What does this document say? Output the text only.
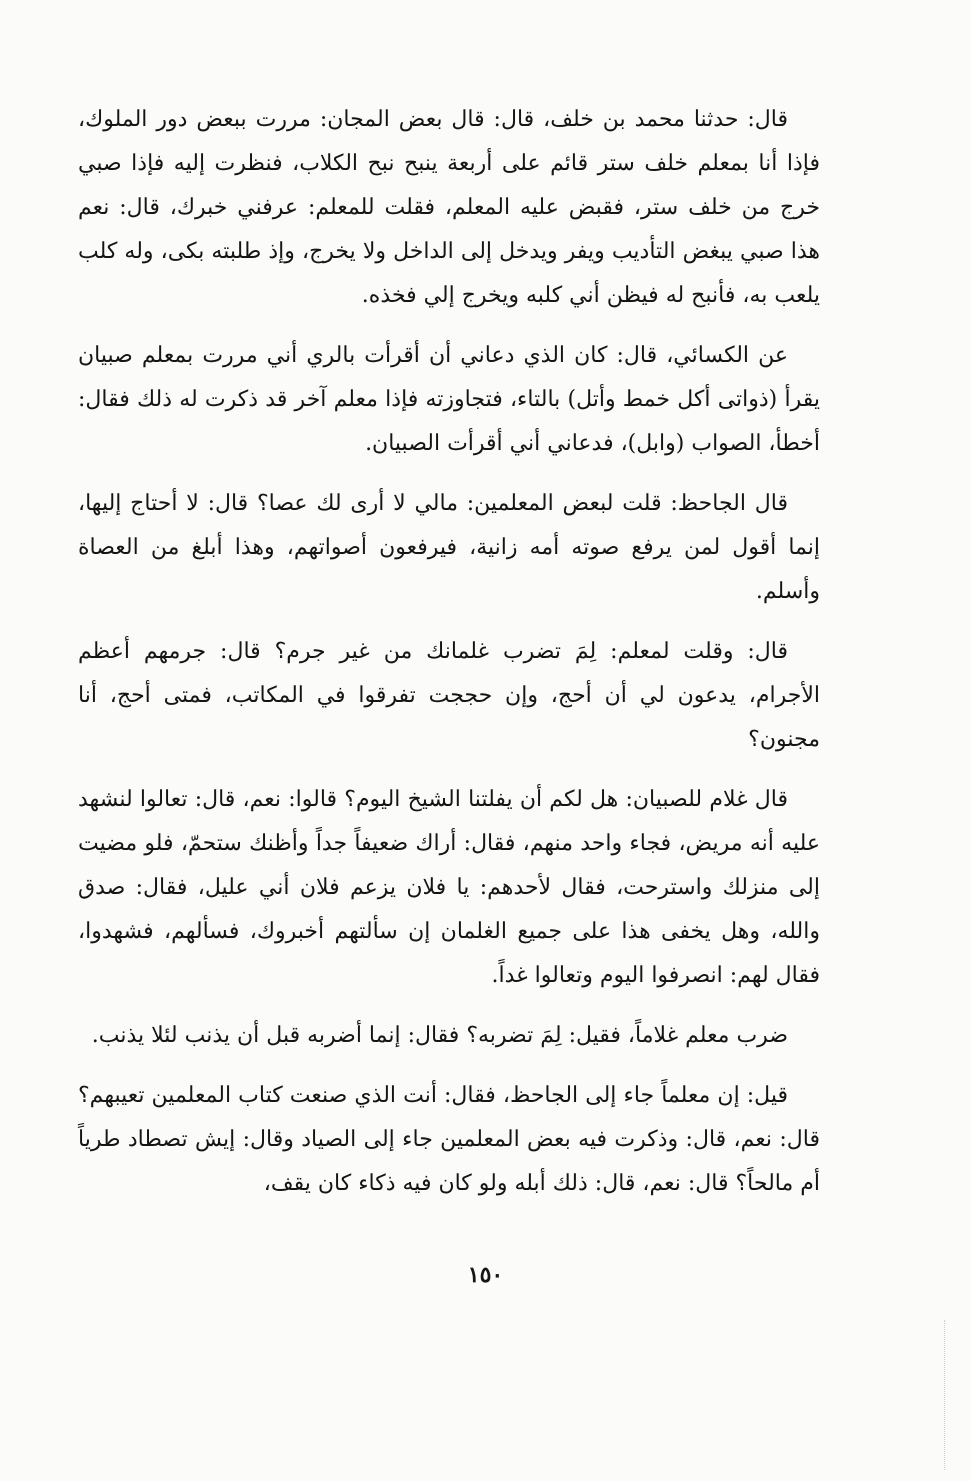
قال: حدثنا محمد بن خلف، قال: قال بعض المجان: مررت ببعض دور الملوك، فإذا أنا بمعلم خلف ستر قائم على أربعة ينبح نبح الكلاب، فنظرت إليه فإذا صبي خرج من خلف ستر، فقبض عليه المعلم، فقلت للمعلم: عرفني خبرك، قال: نعم هذا صبي يبغض التأديب ويفر ويدخل إلى الداخل ولا يخرج، وإذ طلبته بكى، وله كلب يلعب به، فأنبح له فيظن أني كلبه ويخرج إلي فخذه.

عن الكسائي، قال: كان الذي دعاني أن أقرأت بالري أني مررت بمعلم صبيان يقرأ (ذواتى أكل خمط وأتل) بالتاء، فتجاوزته فإذا معلم آخر قد ذكرت له ذلك فقال: أخطأ، الصواب (وابل)، فدعاني أني أقرأت الصبيان.

قال الجاحظ: قلت لبعض المعلمين: مالي لا أرى لك عصا؟ قال: لا أحتاج إليها، إنما أقول لمن يرفع صوته أمه زانية، فيرفعون أصواتهم، وهذا أبلغ من العصاة وأسلم.

قال: وقلت لمعلم: لِمَ تضرب غلمانك من غير جرم؟ قال: جرمهم أعظم الأجرام، يدعون لي أن أحج، وإن حججت تفرقوا في المكاتب، فمتى أحج، أنا مجنون؟

قال غلام للصبيان: هل لكم أن يفلتنا الشيخ اليوم؟ قالوا: نعم، قال: تعالوا لنشهد عليه أنه مريض، فجاء واحد منهم، فقال: أراك ضعيفاً جداً وأظنك ستحمّ، فلو مضيت إلى منزلك واسترحت، فقال لأحدهم: يا فلان يزعم فلان أني عليل، فقال: صدق والله، وهل يخفى هذا على جميع الغلمان إن سألتهم أخبروك، فسألهم، فشهدوا، فقال لهم: انصرفوا اليوم وتعالوا غداً.

ضرب معلم غلاماً، فقيل: لِمَ تضربه؟ فقال: إنما أضربه قبل أن يذنب لئلا يذنب.

قيل: إن معلماً جاء إلى الجاحظ، فقال: أنت الذي صنعت كتاب المعلمين تعيبهم؟ قال: نعم، قال: وذكرت فيه بعض المعلمين جاء إلى الصياد وقال: إيش تصطاد طرياً أم مالحاً؟ قال: نعم، قال: ذلك أبله ولو كان فيه ذكاء كان يقف،

١٥٠
